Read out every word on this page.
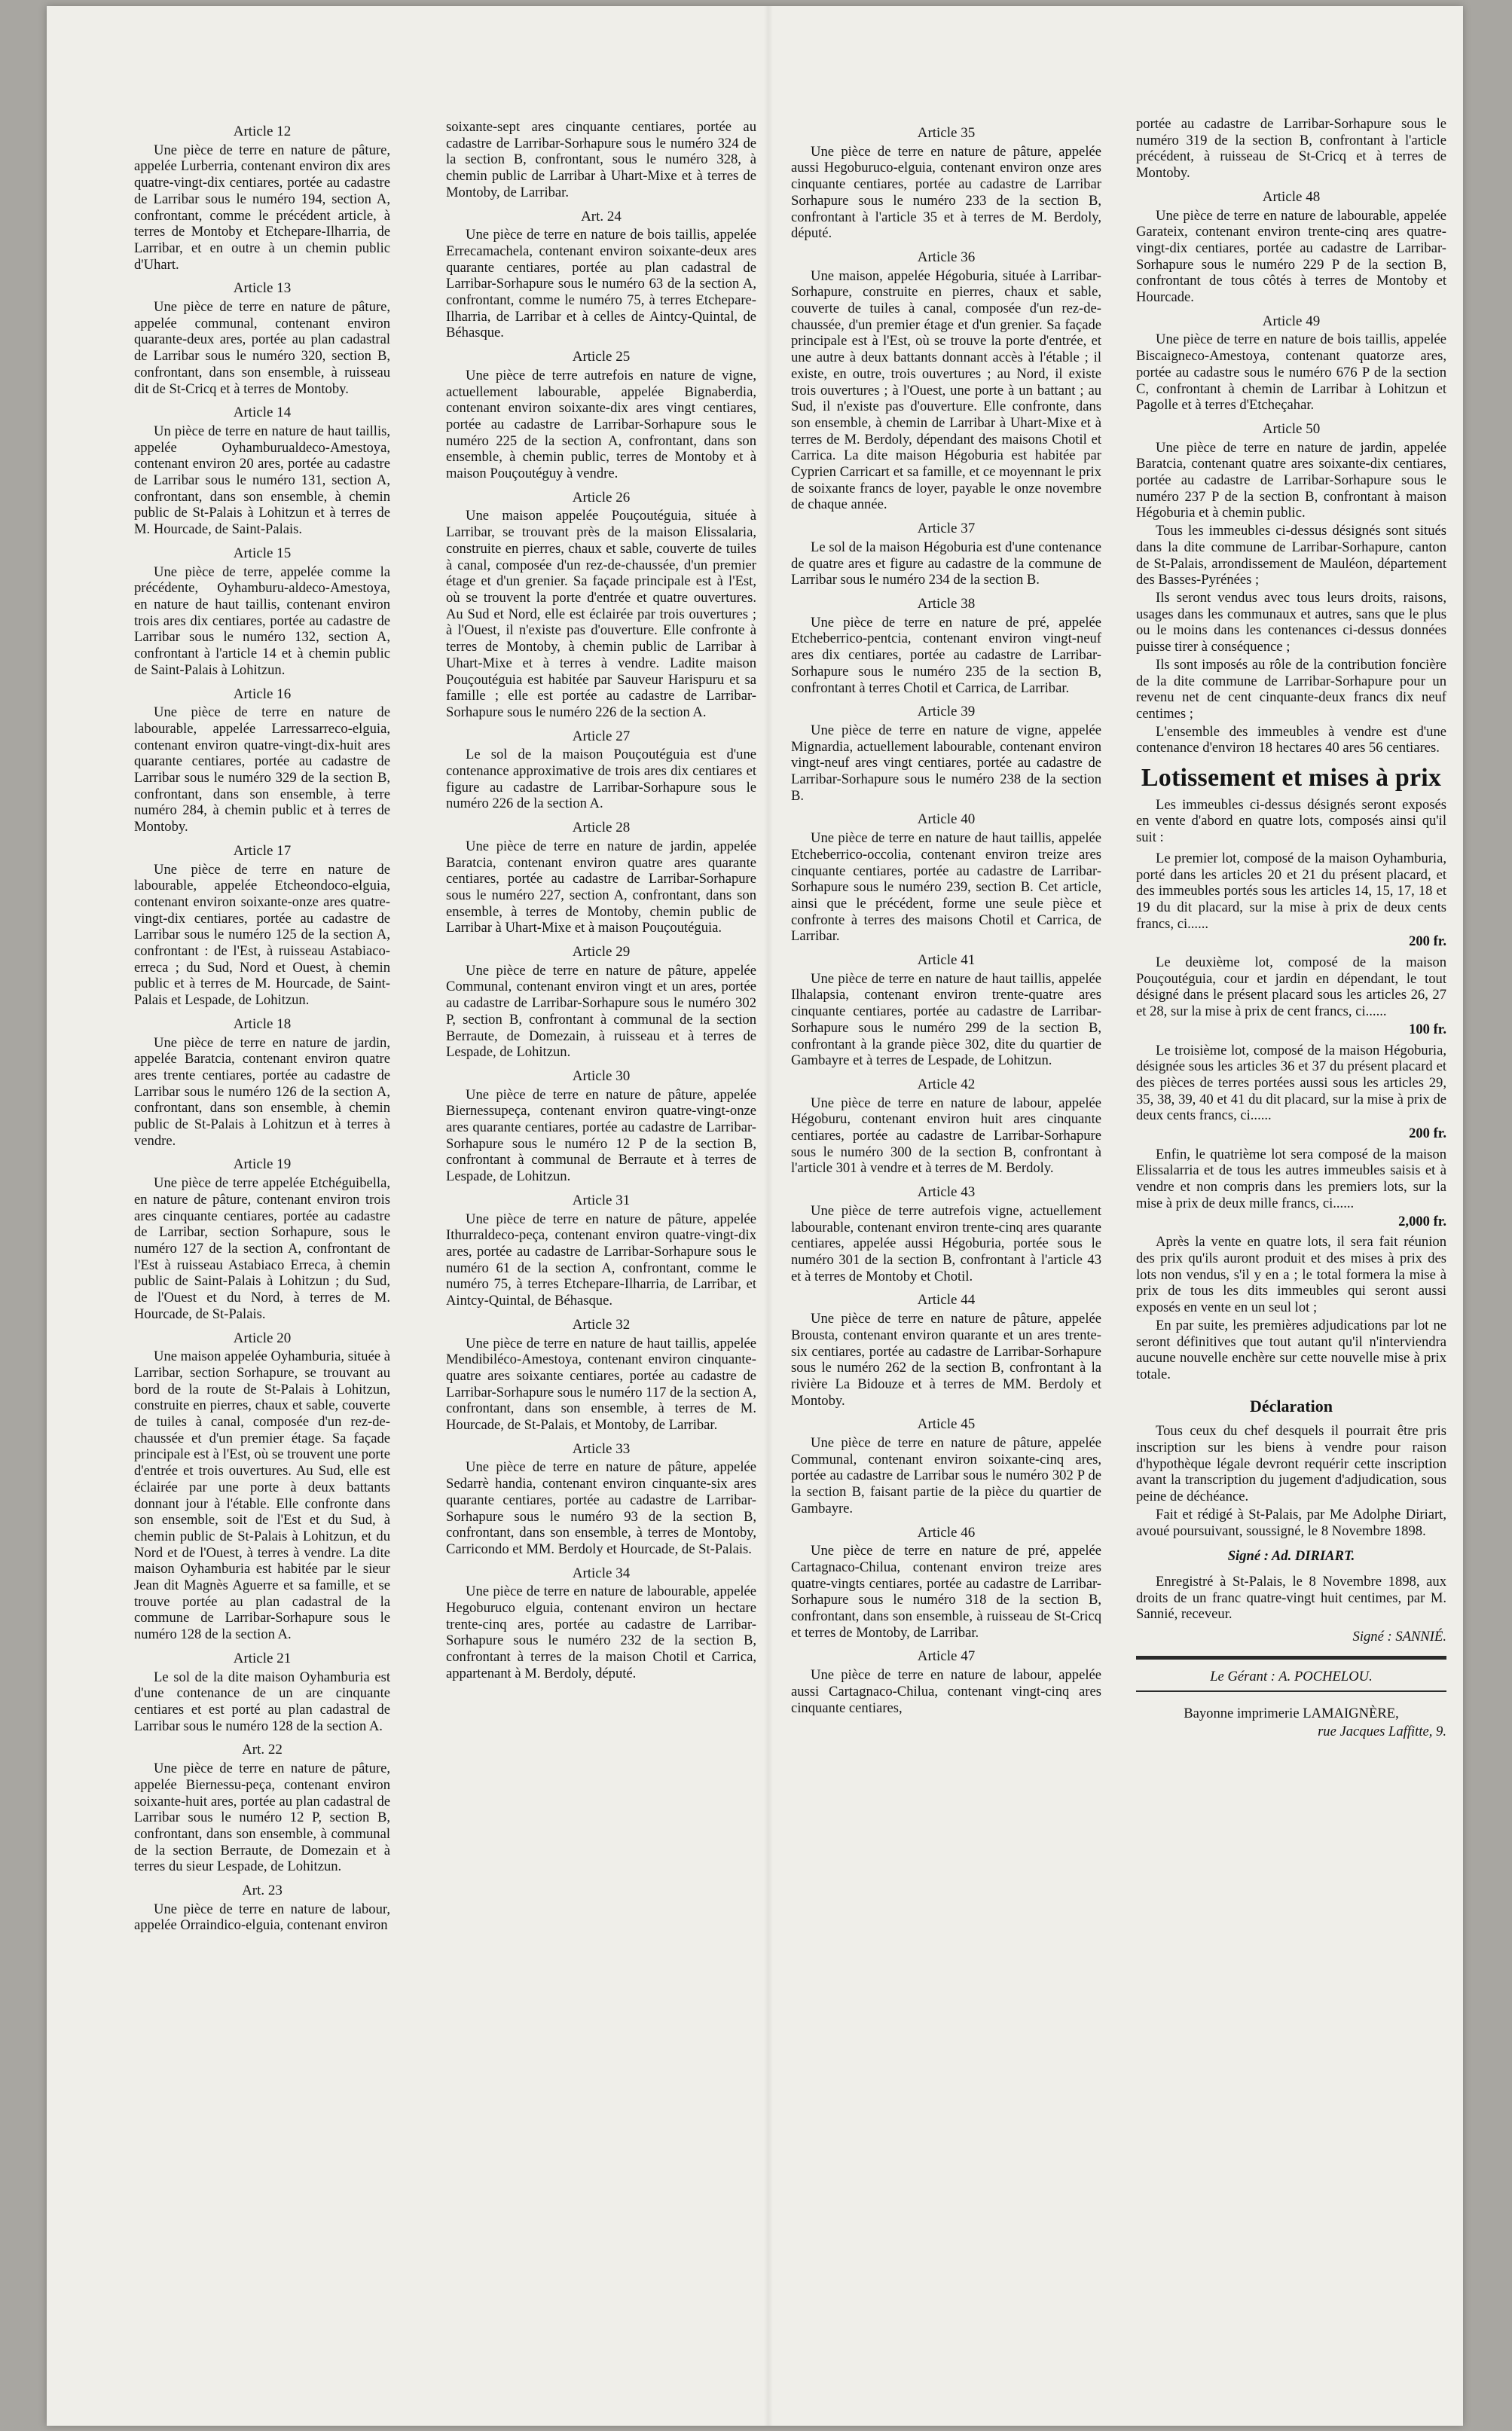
Article 12

Une pièce de terre en nature de pâture, appelée Lurberria, contenant environ dix ares quatre-vingt-dix centiares, portée au cadastre de Larribar sous le numéro 194, section A, confrontant, comme le précédent article, à terres de Montoby et Etchepare-Ilharria, de Larribar, et en outre à un chemin public d'Uhart.

Article 13

Une pièce de terre en nature de pâture, appelée communal, contenant environ quarante-deux ares, portée au plan cadastral de Larribar sous le numéro 320, section B, confrontant, dans son ensemble, à ruisseau dit de St-Cricq et à terres de Montoby.

Article 14

Un pièce de terre en nature de haut taillis, appelée Oyhamburualdeco-Amestoya, contenant environ 20 ares, portée au cadastre de Larribar sous le numéro 131, section A, confrontant, dans son ensemble, à chemin public de St-Palais à Lohitzun et à terres de M. Hourcade, de Saint-Palais.

Article 15

Une pièce de terre, appelée comme la précédente, Oyhamburu-aldeco-Amestoya, en nature de haut taillis, contenant environ trois ares dix centiares, portée au cadastre de Larribar sous le numéro 132, section A, confrontant à l'article 14 et à chemin public de Saint-Palais à Lohitzun.

Article 16

Une pièce de terre en nature de labourable, appelée Larressarreco-elguia, contenant environ quatre-vingt-dix-huit ares quarante centiares, portée au cadastre de Larribar sous le numéro 329 de la section B, confrontant, dans son ensemble, à terre numéro 284, à chemin public et à terres de Montoby.

Article 17

Une pièce de terre en nature de labourable, appelée Etcheondoco-elguia, contenant environ soixante-onze ares quatre-vingt-dix centiares, portée au cadastre de Larribar sous le numéro 125 de la section A, confrontant : de l'Est, à ruisseau Astabiaco-erreca ; du Sud, Nord et Ouest, à chemin public et à terres de M. Hourcade, de Saint-Palais et Lespade, de Lohitzun.

Article 18

Une pièce de terre en nature de jardin, appelée Baratcia, contenant environ quatre ares trente centiares, portée au cadastre de Larribar sous le numéro 126 de la section A, confrontant, dans son ensemble, à chemin public de St-Palais à Lohitzun et à terres à vendre.

Article 19

Une pièce de terre appelée Etchéguibella, en nature de pâture, contenant environ trois ares cinquante centiares, portée au cadastre de Larribar, section Sorhapure, sous le numéro 127 de la section A, confrontant de l'Est à ruisseau Astabiaco Erreca, à chemin public de Saint-Palais à Lohitzun ; du Sud, de l'Ouest et du Nord, à terres de M. Hourcade, de St-Palais.

Article 20

Une maison appelée Oyhamburia, située à Larribar, section Sorhapure, se trouvant au bord de la route de St-Palais à Lohitzun, construite en pierres, chaux et sable, couverte de tuiles à canal, composée d'un rez-de-chaussée et d'un premier étage. Sa façade principale est à l'Est, où se trouvent une porte d'entrée et trois ouvertures. Au Sud, elle est éclairée par une porte à deux battants donnant jour à l'étable. Elle confronte dans son ensemble, soit de l'Est et du Sud, à chemin public de St-Palais à Lohitzun, et du Nord et de l'Ouest, à terres à vendre. La dite maison Oyhamburia est habitée par le sieur Jean dit Magnès Aguerre et sa famille, et se trouve portée au plan cadastral de la commune de Larribar-Sorhapure sous le numéro 128 de la section A.

Article 21

Le sol de la dite maison Oyhamburia est d'une contenance de un are cinquante centiares et est porté au plan cadastral de Larribar sous le numéro 128 de la section A.

Art. 22

Une pièce de terre en nature de pâture, appelée Biernessu-peça, contenant environ soixante-huit ares, portée au plan cadastral de Larribar sous le numéro 12 P, section B, confrontant, dans son ensemble, à communal de la section Berraute, de Domezain et à terres du sieur Lespade, de Lohitzun.

Art. 23

Une pièce de terre en nature de labour, appelée Orraindico-elguia, contenant environ

soixante-sept ares cinquante centiares, portée au cadastre de Larribar-Sorhapure sous le numéro 324 de la section B, confrontant, sous le numéro 328, à chemin public de Larribar à Uhart-Mixe et à terres de Montoby, de Larribar.

Art. 24

Une pièce de terre en nature de bois taillis, appelée Errecamachela, contenant environ soixante-deux ares quarante centiares, portée au plan cadastral de Larribar-Sorhapure sous le numéro 63 de la section A, confrontant, comme le numéro 75, à terres Etchepare-Ilharria, de Larribar et à celles de Aintcy-Quintal, de Béhasque.

Article 25

Une pièce de terre autrefois en nature de vigne, actuellement labourable, appelée Bignaberdia, contenant environ soixante-dix ares vingt centiares, portée au cadastre de Larribar-Sorhapure sous le numéro 225 de la section A, confrontant, dans son ensemble, à chemin public, terres de Montoby et à maison Pouçoutéguy à vendre.

Article 26

Une maison appelée Pouçoutéguia, située à Larribar, se trouvant près de la maison Elissalaria, construite en pierres, chaux et sable, couverte de tuiles à canal, composée d'un rez-de-chaussée, d'un premier étage et d'un grenier. Sa façade principale est à l'Est, où se trouvent la porte d'entrée et quatre ouvertures. Au Sud et Nord, elle est éclairée par trois ouvertures ; à l'Ouest, il n'existe pas d'ouverture. Elle confronte à terres de Montoby, à chemin public de Larribar à Uhart-Mixe et à terres à vendre. Ladite maison Pouçoutéguia est habitée par Sauveur Harispuru et sa famille ; elle est portée au cadastre de Larribar-Sorhapure sous le numéro 226 de la section A.

Article 27

Le sol de la maison Pouçoutéguia est d'une contenance approximative de trois ares dix centiares et figure au cadastre de Larribar-Sorhapure sous le numéro 226 de la section A.

Article 28

Une pièce de terre en nature de jardin, appelée Baratcia, contenant environ quatre ares quarante centiares, portée au cadastre de Larribar-Sorhapure sous le numéro 227, section A, confrontant, dans son ensemble, à terres de Montoby, chemin public de Larribar à Uhart-Mixe et à maison Pouçoutéguia.

Article 29

Une pièce de terre en nature de pâture, appelée Communal, contenant environ vingt et un ares, portée au cadastre de Larribar-Sorhapure sous le numéro 302 P, section B, confrontant à communal de la section Berraute, de Domezain, à ruisseau et à terres de Lespade, de Lohitzun.

Article 30

Une pièce de terre en nature de pâture, appelée Biernessupeça, contenant environ quatre-vingt-onze ares quarante centiares, portée au cadastre de Larribar-Sorhapure sous le numéro 12 P de la section B, confrontant à communal de Berraute et à terres de Lespade, de Lohitzun.

Article 31

Une pièce de terre en nature de pâture, appelée Ithurraldeco-peça, contenant environ quatre-vingt-dix ares, portée au cadastre de Larribar-Sorhapure sous le numéro 61 de la section A, confrontant, comme le numéro 75, à terres Etchepare-Ilharria, de Larribar, et Aintcy-Quintal, de Béhasque.

Article 32

Une pièce de terre en nature de haut taillis, appelée Mendibiléco-Amestoya, contenant environ cinquante-quatre ares soixante centiares, portée au cadastre de Larribar-Sorhapure sous le numéro 117 de la section A, confrontant, dans son ensemble, à terres de M. Hourcade, de St-Palais, et Montoby, de Larribar.

Article 33

Une pièce de terre en nature de pâture, appelée Sedarrè handia, contenant environ cinquante-six ares quarante centiares, portée au cadastre de Larribar-Sorhapure sous le numéro 93 de la section B, confrontant, dans son ensemble, à terres de Montoby, Carricondo et MM. Berdoly et Hourcade, de St-Palais.

Article 34

Une pièce de terre en nature de labourable, appelée Hegoburuco elguia, contenant environ un hectare trente-cinq ares, portée au cadastre de Larribar-Sorhapure sous le numéro 232 de la section B, confrontant à terres de la maison Chotil et Carrica, appartenant à M. Berdoly, député.

Article 35

Une pièce de terre en nature de pâture, appelée aussi Hegoburuco-elguia, contenant environ onze ares cinquante centiares, portée au cadastre de Larribar Sorhapure sous le numéro 233 de la section B, confrontant à l'article 35 et à terres de M. Berdoly, député.

Article 36

Une maison, appelée Hégoburia, située à Larribar-Sorhapure, construite en pierres, chaux et sable, couverte de tuiles à canal, composée d'un rez-de-chaussée, d'un premier étage et d'un grenier. Sa façade principale est à l'Est, où se trouve la porte d'entrée, et une autre à deux battants donnant accès à l'étable ; il existe, en outre, trois ouvertures ; au Nord, il existe trois ouvertures ; à l'Ouest, une porte à un battant ; au Sud, il n'existe pas d'ouverture. Elle confronte, dans son ensemble, à chemin de Larribar à Uhart-Mixe et à terres de M. Berdoly, dépendant des maisons Chotil et Carrica. La dite maison Hégoburia est habitée par Cyprien Carricart et sa famille, et ce moyennant le prix de soixante francs de loyer, payable le onze novembre de chaque année.

Article 37

Le sol de la maison Hégoburia est d'une contenance de quatre ares et figure au cadastre de la commune de Larribar sous le numéro 234 de la section B.

Article 38

Une pièce de terre en nature de pré, appelée Etcheberrico-pentcia, contenant environ vingt-neuf ares dix centiares, portée au cadastre de Larribar-Sorhapure sous le numéro 235 de la section B, confrontant à terres Chotil et Carrica, de Larribar.

Article 39

Une pièce de terre en nature de vigne, appelée Mignardia, actuellement labourable, contenant environ vingt-neuf ares vingt centiares, portée au cadastre de Larribar-Sorhapure sous le numéro 238 de la section B.

Article 40

Une pièce de terre en nature de haut taillis, appelée Etcheberrico-occolia, contenant environ treize ares cinquante centiares, portée au cadastre de Larribar-Sorhapure sous le numéro 239, section B. Cet article, ainsi que le précédent, forme une seule pièce et confronte à terres des maisons Chotil et Carrica, de Larribar.

Article 41

Une pièce de terre en nature de haut taillis, appelée Ilhalapsia, contenant environ trente-quatre ares cinquante centiares, portée au cadastre de Larribar-Sorhapure sous le numéro 299 de la section B, confrontant à la grande pièce 302, dite du quartier de Gambayre et à terres de Lespade, de Lohitzun.

Article 42

Une pièce de terre en nature de labour, appelée Hégoburu, contenant environ huit ares cinquante centiares, portée au cadastre de Larribar-Sorhapure sous le numéro 300 de la section B, confrontant à l'article 301 à vendre et à terres de M. Berdoly.

Article 43

Une pièce de terre autrefois vigne, actuellement labourable, contenant environ trente-cinq ares quarante centiares, appelée aussi Hégoburia, portée sous le numéro 301 de la section B, confrontant à l'article 43 et à terres de Montoby et Chotil.

Article 44

Une pièce de terre en nature de pâture, appelée Brousta, contenant environ quarante et un ares trente-six centiares, portée au cadastre de Larribar-Sorhapure sous le numéro 262 de la section B, confrontant à la rivière La Bidouze et à terres de MM. Berdoly et Montoby.

Article 45

Une pièce de terre en nature de pâture, appelée Communal, contenant environ soixante-cinq ares, portée au cadastre de Larribar sous le numéro 302 P de la section B, faisant partie de la pièce du quartier de Gambayre.

Article 46

Une pièce de terre en nature de pré, appelée Cartagnaco-Chilua, contenant environ treize ares quatre-vingts centiares, portée au cadastre de Larribar-Sorhapure sous le numéro 318 de la section B, confrontant, dans son ensemble, à ruisseau de St-Cricq et terres de Montoby, de Larribar.

Article 47

Une pièce de terre en nature de labour, appelée aussi Cartagnaco-Chilua, contenant vingt-cinq ares cinquante centiares,

portée au cadastre de Larribar-Sorhapure sous le numéro 319 de la section B, confrontant à l'article précédent, à ruisseau de St-Cricq et à terres de Montoby.

Article 48

Une pièce de terre en nature de labourable, appelée Garateix, contenant environ trente-cinq ares quatre-vingt-dix centiares, portée au cadastre de Larribar-Sorhapure sous le numéro 229 P de la section B, confrontant de tous côtés à terres de Montoby et Hourcade.

Article 49

Une pièce de terre en nature de bois taillis, appelée Biscaigneco-Amestoya, contenant quatorze ares, portée au cadastre sous le numéro 676 P de la section C, confrontant à chemin de Larribar à Lohitzun et Pagolle et à terres d'Etcheçahar.

Article 50

Une pièce de terre en nature de jardin, appelée Baratcia, contenant quatre ares soixante-dix centiares, portée au cadastre de Larribar-Sorhapure sous le numéro 237 P de la section B, confrontant à maison Hégoburia et à chemin public.

Tous les immeubles ci-dessus désignés sont situés dans la dite commune de Larribar-Sorhapure, canton de St-Palais, arrondissement de Mauléon, département des Basses-Pyrénées ;

Ils seront vendus avec tous leurs droits, raisons, usages dans les communaux et autres, sans que le plus ou le moins dans les contenances ci-dessus données puisse tirer à conséquence ;

Ils sont imposés au rôle de la contribution foncière de la dite commune de Larribar-Sorhapure pour un revenu net de cent cinquante-deux francs dix neuf centimes ;

L'ensemble des immeubles à vendre est d'une contenance d'environ 18 hectares 40 ares 56 centiares.

Lotissement et mises à prix

Les immeubles ci-dessus désignés seront exposés en vente d'abord en quatre lots, composés ainsi qu'il suit :

Le premier lot, composé de la maison Oyhamburia, porté dans les articles 20 et 21 du présent placard, et des immeubles portés sous les articles 14, 15, 17, 18 et 19 du dit placard, sur la mise à prix de deux cents francs, ci......

200 fr.

Le deuxième lot, composé de la maison Pouçoutéguia, cour et jardin en dépendant, le tout désigné dans le présent placard sous les articles 26, 27 et 28, sur la mise à prix de cent francs, ci......

100 fr.

Le troisième lot, composé de la maison Hégoburia, désignée sous les articles 36 et 37 du présent placard et des pièces de terres portées aussi sous les articles 29, 35, 38, 39, 40 et 41 du dit placard, sur la mise à prix de deux cents francs, ci......

200 fr.

Enfin, le quatrième lot sera composé de la maison Elissalarria et de tous les autres immeubles saisis et à vendre et non compris dans les premiers lots, sur la mise à prix de deux mille francs, ci......

2,000 fr.

Après la vente en quatre lots, il sera fait réunion des prix qu'ils auront produit et des mises à prix des lots non vendus, s'il y en a ; le total formera la mise à prix de tous les dits immeubles qui seront aussi exposés en vente en un seul lot ;

En par suite, les premières adjudications par lot ne seront définitives que tout autant qu'il n'interviendra aucune nouvelle enchère sur cette nouvelle mise à prix totale.

Déclaration

Tous ceux du chef desquels il pourrait être pris inscription sur les biens à vendre pour raison d'hypothèque légale devront requérir cette inscription avant la transcription du jugement d'adjudication, sous peine de déchéance.

Fait et rédigé à St-Palais, par Me Adolphe Diriart, avoué poursuivant, soussigné, le 8 Novembre 1898.

Signé : Ad. DIRIART.

Enregistré à St-Palais, le 8 Novembre 1898, aux droits de un franc quatre-vingt huit centimes, par M. Sannié, receveur.

Signé : SANNIÉ.
Le Gérant : A. POCHELOU.
Bayonne imprimerie LAMAIGNÈRE,
rue Jacques Laffitte, 9.
